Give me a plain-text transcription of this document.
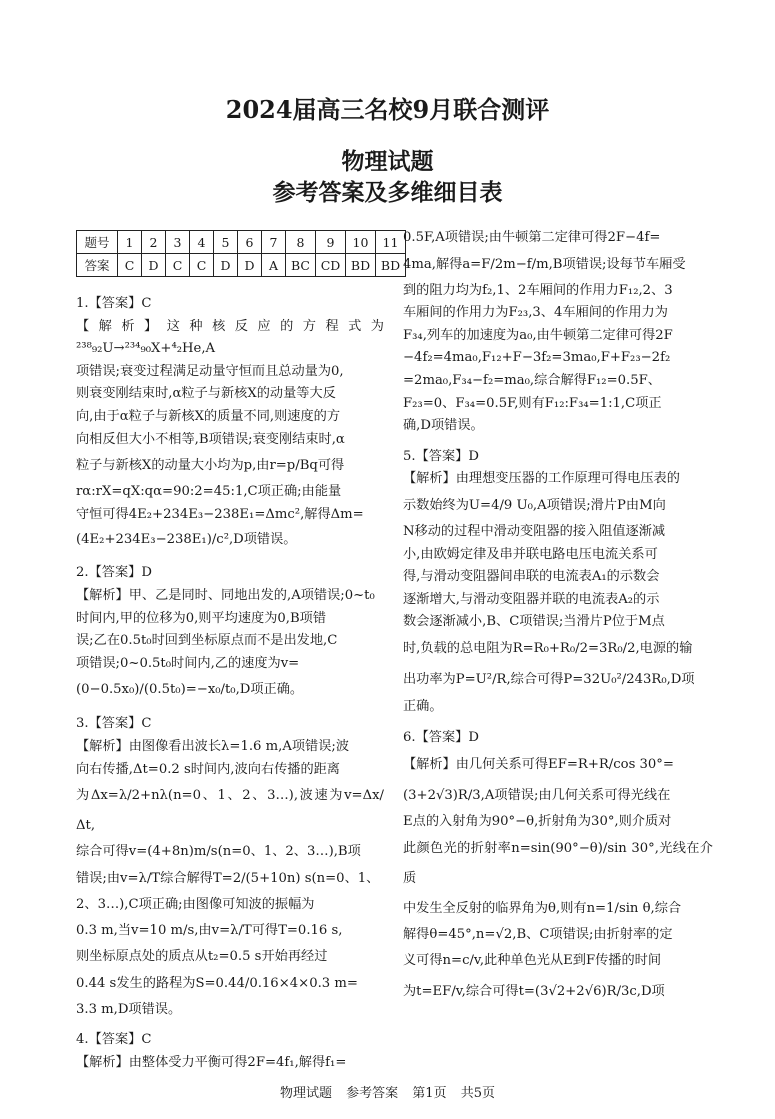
2024届高三名校9月联合测评
物理试题
参考答案及多维细目表
题号	1	2	3	4	5	6	7	8	9	10	11
答案	C	D	C	C	D	D	A	BC	CD	BD	BD

1.【答案】C

【解析】这种核反应的方程式为²³⁸₉₂U→²³⁴₉₀X+⁴₂He,A

项错误;衰变过程满足动量守恒而且总动量为0,

则衰变刚结束时,α粒子与新核X的动量等大反

向,由于α粒子与新核X的质量不同,则速度的方

向相反但大小不相等,B项错误;衰变刚结束时,α

粒子与新核X的动量大小均为p,由r=p/Bq可得

rα:rX=qX:qα=90:2=45:1,C项正确;由能量

守恒可得4E₂+234E₃−238E₁=Δmc²,解得Δm=

(4E₂+234E₃−238E₁)/c²,D项错误。

2.【答案】D

【解析】甲、乙是同时、同地出发的,A项错误;0~t₀

时间内,甲的位移为0,则平均速度为0,B项错

误;乙在0.5t₀时回到坐标原点而不是出发地,C

项错误;0~0.5t₀时间内,乙的速度为v=

(0−0.5x₀)/(0.5t₀)=−x₀/t₀,D项正确。

3.【答案】C

【解析】由图像看出波长λ=1.6 m,A项错误;波

向右传播,Δt=0.2 s时间内,波向右传播的距离

为Δx=λ/2+nλ(n=0、1、2、3…),波速为v=Δx/Δt,

综合可得v=(4+8n)m/s(n=0、1、2、3…),B项

错误;由v=λ/T综合解得T=2/(5+10n) s(n=0、1、

2、3…),C项正确;由图像可知波的振幅为

0.3 m,当v=10 m/s,由v=λ/T可得T=0.16 s,

则坐标原点处的质点从t₂=0.5 s开始再经过

0.44 s发生的路程为S=0.44/0.16×4×0.3 m=

3.3 m,D项错误。

4.【答案】C

【解析】由整体受力平衡可得2F=4f₁,解得f₁=

0.5F,A项错误;由牛顿第二定律可得2F−4f=

4ma,解得a=F/2m−f/m,B项错误;设每节车厢受

到的阻力均为f₂,1、2车厢间的作用力F₁₂,2、3

车厢间的作用力为F₂₃,3、4车厢间的作用力为

F₃₄,列车的加速度为a₀,由牛顿第二定律可得2F

−4f₂=4ma₀,F₁₂+F−3f₂=3ma₀,F+F₂₃−2f₂

=2ma₀,F₃₄−f₂=ma₀,综合解得F₁₂=0.5F、

F₂₃=0、F₃₄=0.5F,则有F₁₂:F₃₄=1:1,C项正

确,D项错误。

5.【答案】D

【解析】由理想变压器的工作原理可得电压表的

示数始终为U=4/9 U₀,A项错误;滑片P由M向

N移动的过程中滑动变阻器的接入阻值逐渐减

小,由欧姆定律及串并联电路电压电流关系可

得,与滑动变阻器间串联的电流表A₁的示数会

逐渐增大,与滑动变阻器并联的电流表A₂的示

数会逐渐减小,B、C项错误;当滑片P位于M点

时,负载的总电阻为R=R₀+R₀/2=3R₀/2,电源的输

出功率为P=U²/R,综合可得P=32U₀²/243R₀,D项

正确。

6.【答案】D

【解析】由几何关系可得EF=R+R/cos 30°=

(3+2√3)R/3,A项错误;由几何关系可得光线在

E点的入射角为90°−θ,折射角为30°,则介质对

此颜色光的折射率n=sin(90°−θ)/sin 30°,光线在介质

中发生全反射的临界角为θ,则有n=1/sin θ,综合

解得θ=45°,n=√2,B、C项错误;由折射率的定

义可得n=c/v,此种单色光从E到F传播的时间

为t=EF/v,综合可得t=(3√2+2√6)R/3c,D项

物理试题 参考答案 第1页 共5页
